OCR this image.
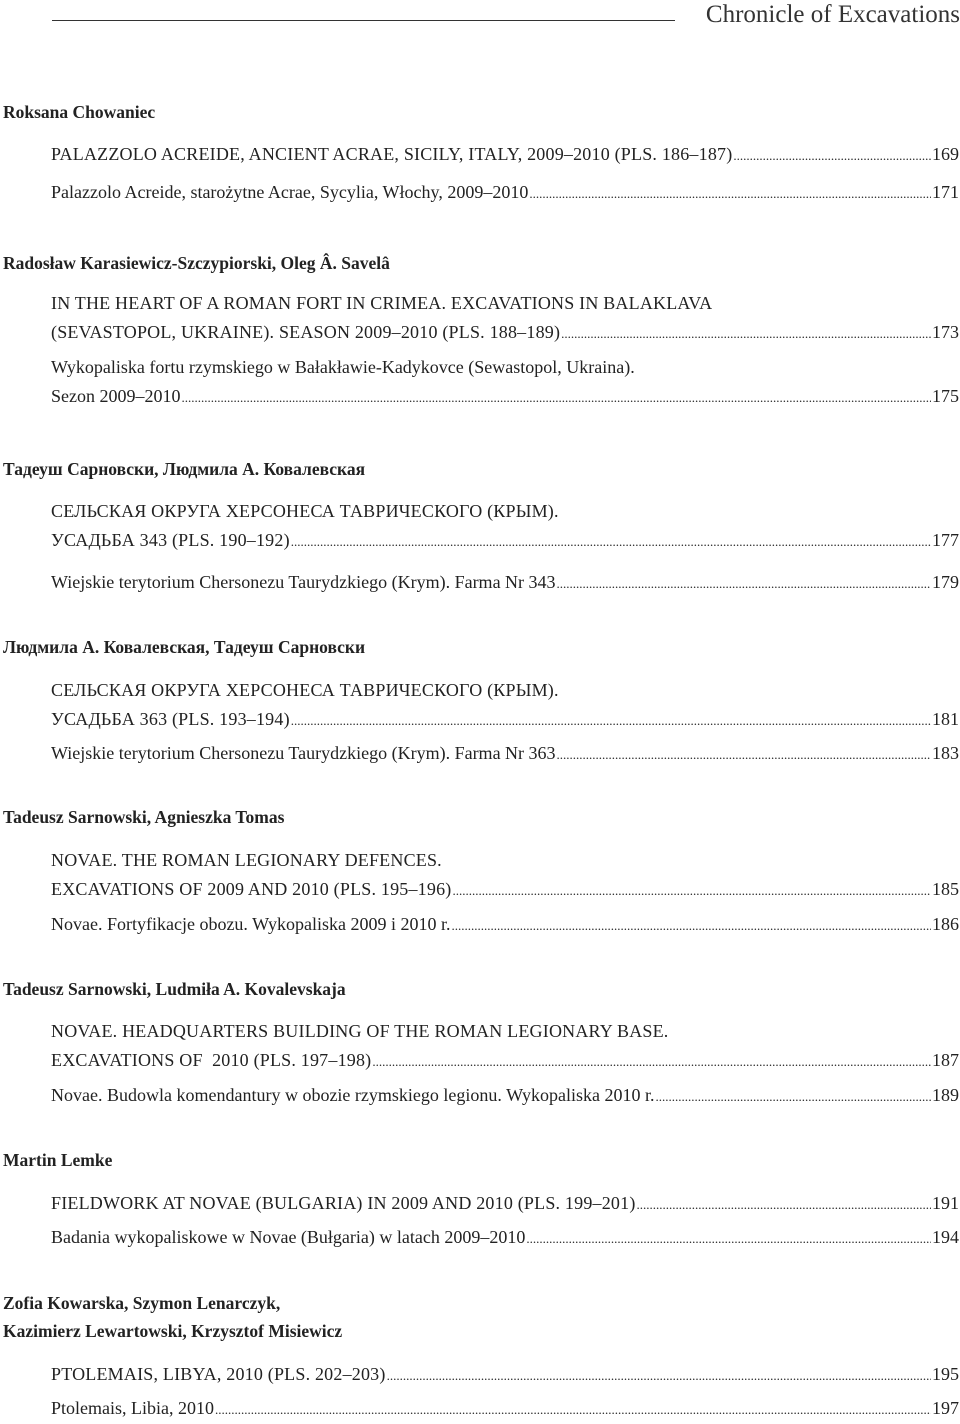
Chronicle of Excavations
Roksana Chowaniec
PALAZZOLO ACREIDE, ANCIENT ACRAE, SICILY, ITALY, 2009–2010 (PLS. 186–187) .....	169
Palazzolo Acreide, starożytne Acrae, Sycylia, Włochy, 2009–2010 .....	171
Radosław Karasiewicz-Szczypiorski, Oleg Â. Savelâ
IN THE HEART OF A ROMAN FORT IN CRIMEA. EXCAVATIONS IN BALAKLAVA
(SEVASTOPOL, UKRAINE). SEASON 2009–2010 (PLS. 188–189) .....	173
Wykopaliska fortu rzymskiego w Bałakławie-Kadykovce (Sewastopol, Ukraina).
Sezon 2009–2010 .....	175
Тадеуш Сарновски, Людмила А. Ковалевская
СЕЛЬСКАЯ ОКРУГА ХЕРСОНЕСА ТАВРИЧЕСКОГО (КРЫМ).
УСАДЬБА 343 (PLS. 190–192) .....	177
Wiejskie terytorium Chersonezu Taurydzkiego (Krym). Farma Nr 343 .....	179
Людмила А. Ковалевская, Тадеуш Сарновски
СЕЛЬСКАЯ ОКРУГА ХЕРСОНЕСА ТАВРИЧЕСКОГО (КРЫМ).
УСАДЬБА 363 (PLS. 193–194) .....	181
Wiejskie terytorium Chersonezu Taurydzkiego (Krym). Farma Nr 363 .....	183
Tadeusz Sarnowski, Agnieszka Tomas
NOVAE. THE ROMAN LEGIONARY DEFENCES.
EXCAVATIONS OF 2009 AND 2010 (PLS. 195–196) .....	185
Novae. Fortyfikacje obozu. Wykopaliska 2009 i 2010 r. .....	186
Tadeusz Sarnowski, Ludmiła A. Kovalevskaja
NOVAE. HEADQUARTERS BUILDING OF THE ROMAN LEGIONARY BASE.
EXCAVATIONS OF  2010 (PLS. 197–198) .....	187
Novae. Budowla komendantury w obozie rzymskiego legionu. Wykopaliska 2010 r. .....	189
Martin Lemke
FIELDWORK AT NOVAE (BULGARIA) IN 2009 AND 2010 (PLS. 199–201) .....	191
Badania wykopaliskowe w Novae (Bułgaria) w latach 2009–2010 .....	194
Zofia Kowarska, Szymon Lenarczyk,
Kazimierz Lewartowski, Krzysztof Misiewicz
PTOLEMAIS, LIBYA, 2010 (PLS. 202–203) .....	195
Ptolemais, Libia, 2010 .....	197
